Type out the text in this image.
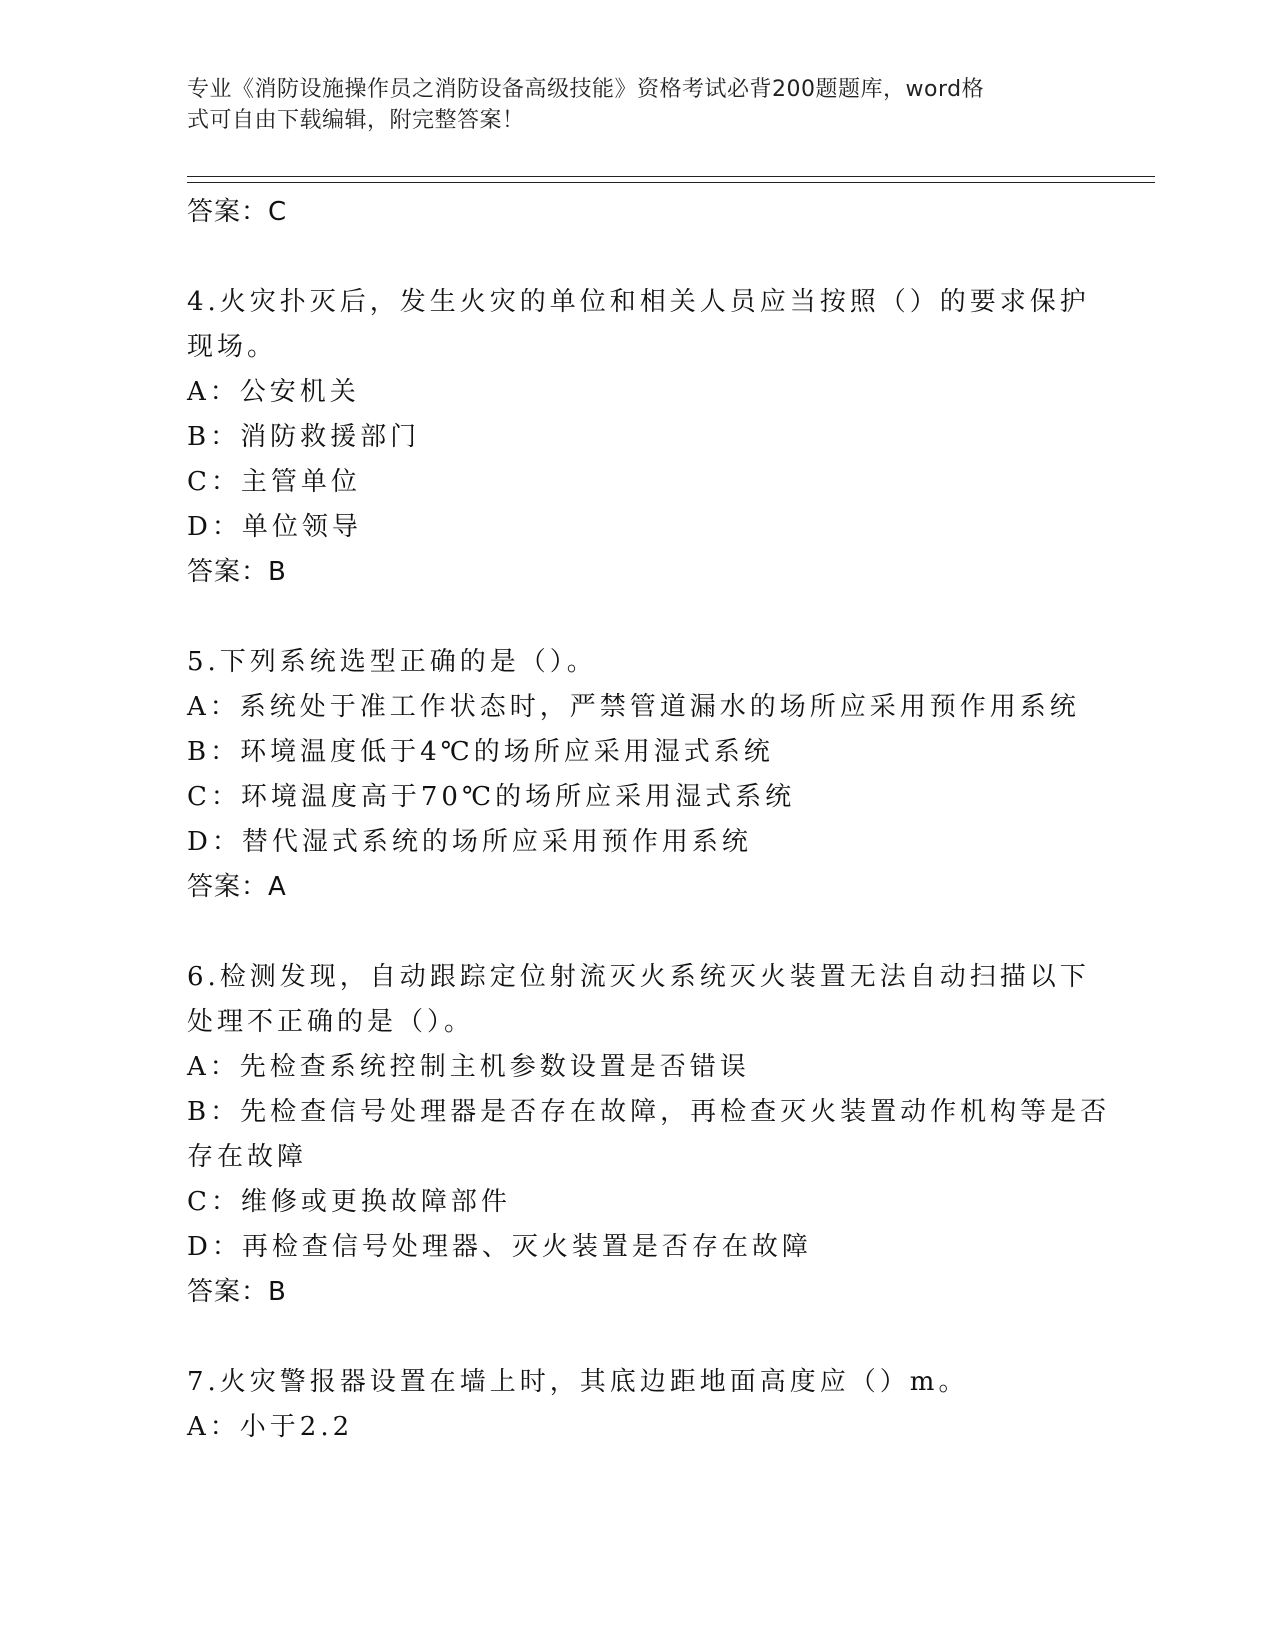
专业《消防设施操作员之消防设备高级技能》资格考试必背200题题库，word格
式可自由下载编辑，附完整答案！
答案：C
4.火灾扑灭后，发生火灾的单位和相关人员应当按照（）的要求保护
现场。
A：公安机关
B：消防救援部门
C：主管单位
D：单位领导
答案：B
5.下列系统选型正确的是（）。
A：系统处于准工作状态时，严禁管道漏水的场所应采用预作用系统
B：环境温度低于4℃的场所应采用湿式系统
C：环境温度高于70℃的场所应采用湿式系统
D：替代湿式系统的场所应采用预作用系统
答案：A
6.检测发现，自动跟踪定位射流灭火系统灭火装置无法自动扫描以下
处理不正确的是（）。
A：先检查系统控制主机参数设置是否错误
B：先检查信号处理器是否存在故障，再检查灭火装置动作机构等是否
存在故障
C：维修或更换故障部件
D：再检查信号处理器、灭火装置是否存在故障
答案：B
7.火灾警报器设置在墙上时，其底边距地面高度应（）m。
A：小于2.2
